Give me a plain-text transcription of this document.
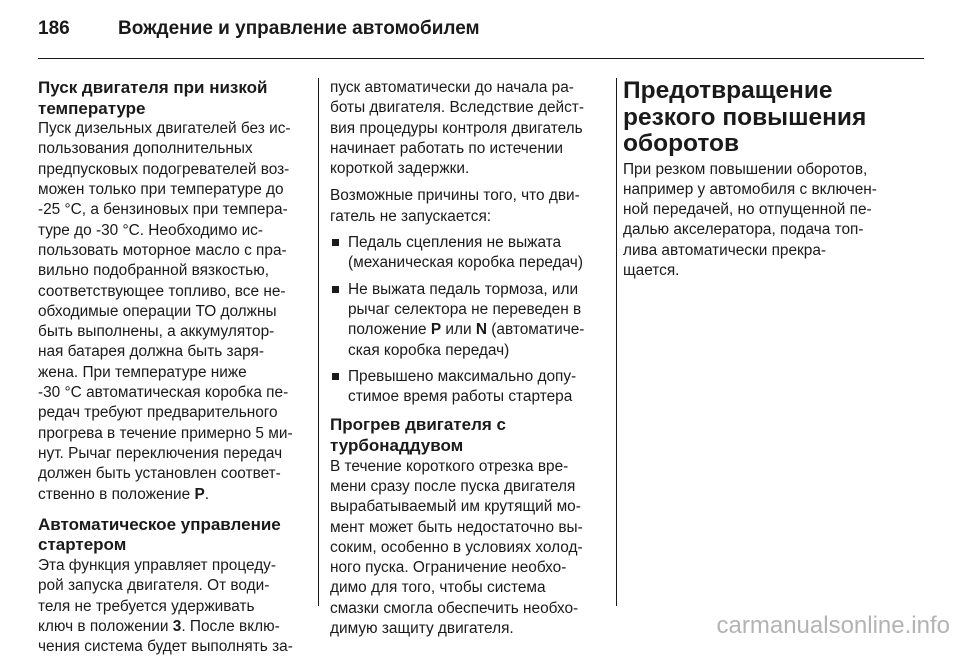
186	Вождение и управление автомобилем
Пуск двигателя при низкой температуре

Пуск дизельных двигателей без ис-
пользования дополнительных
предпусковых подогревателей воз-
можен только при температуре до
-25 °C, а бензиновых при темпера-
туре до -30 °C. Необходимо ис-
пользовать моторное масло с пра-
вильно подобранной вязкостью,
соответствующее топливо, все не-
обходимые операции ТО должны
быть выполнены, а аккумулятор-
ная батарея должна быть заря-
жена. При температуре ниже
-30 °C автоматическая коробка пе-
редач требуют предварительного
прогрева в течение примерно 5 ми-
нут. Рычаг переключения передач
должен быть установлен соответ-
ственно в положение P.

Автоматическое управление стартером

Эта функция управляет процеду-
рой запуска двигателя. От води-
теля не требуется удерживать
ключ в положении 3. После вклю-
чения система будет выполнять за-

пуск автоматически до начала ра-
боты двигателя. Вследствие дейст-
вия процедуры контроля двигатель
начинает работать по истечении
короткой задержки.

Возможные причины того, что дви-
гатель не запускается:

Педаль сцепления не выжата
(механическая коробка передач)
Не выжата педаль тормоза, или
рычаг селектора не переведен в
положение P или N (автоматиче-
ская коробка передач)
Превышено максимально допу-
стимое время работы стартера
Прогрев двигателя с турбонаддувом

В течение короткого отрезка вре-
мени сразу после пуска двигателя
вырабатываемый им крутящий мо-
мент может быть недостаточно вы-
соким, особенно в условиях холод-
ного пуска. Ограничение необхо-
димо для того, чтобы система
смазки смогла обеспечить необхо-
димую защиту двигателя.

Предотвращение
резкого повышения
оборотов

При резком повышении оборотов,
например у автомобиля с включен-
ной передачей, но отпущенной пе-
далью акселератора, подача топ-
лива автоматически прекра-
щается.

carmanualsonline.info
